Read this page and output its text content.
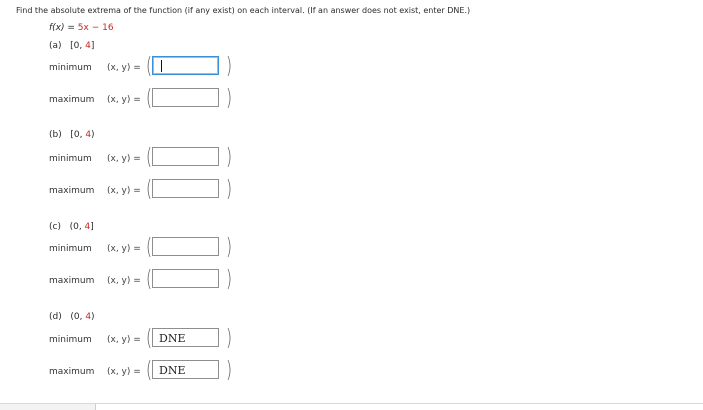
Find the absolute extrema of the function (if any exist) on each interval. (If an answer does not exist, enter DNE.)
f(x) = 5x − 16
(a) [0, 4]
minimum (x, y) = (	)
maximum (x, y) = (	)
(b) [0, 4)
minimum (x, y) = (	)
maximum (x, y) = (	)
(c) (0, 4]
minimum (x, y) = (	)
maximum (x, y) = (	)
(d) (0, 4)
minimum (x, y) = ( DNE	)
maximum (x, y) = ( DNE	)
